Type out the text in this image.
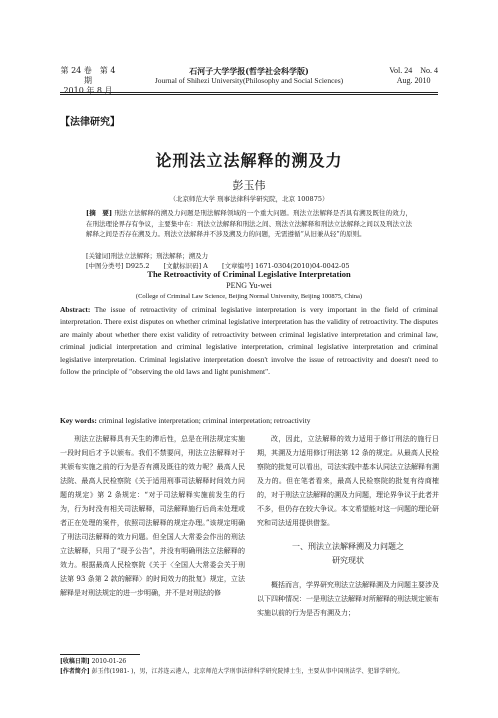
第 24 卷　第 4 期
2010 年 8 月
石河子大学学报(哲学社会科学版)
Journal of Shihezi University(Philosophy and Social Sciences)
Vol. 24　No. 4
Aug. 2010
【法律研究】
论刑法立法解释的溯及力
彭玉伟
（北京师范大学 刑事法律科学研究院，北京 100875）
[摘　要] 刑法立法解释的溯及力问题是刑法解释领域的一个重大问题。刑法立法解释是否具有溯及既往的效力，在刑法理论界存有争议，主要集中在：刑法立法解释和刑法之间、刑法立法解释和刑法立法解释之间以及刑法立法解释之间是否存在溯及力。刑法立法解释并不涉及溯及力的问题，无需遵循“从旧兼从轻”的原则。
[关键词]刑法立法解释；刑法解释；溯及力
[中图分类号] D925.2 [文献标识码] A [文章编号] 1671-0304(2010)04-0042-05
The Retroactivity of Criminal Legislative Interpretation
PENG Yu-wei
(College of Criminal Law Science, Beijing Normal University, Beijing 100875, China)
Abstract: The issue of retroactivity of criminal legislative interpretation is very important in the field of criminal interpretation. There exist disputes on whether criminal legislative interpretation has the validity of retroactivity. The disputes are mainly about whether there exist validity of retroactivity between criminal legislative interpretation and criminal law, criminal judicial interpretation and criminal legislative interpretation, criminal legislative interpretation and criminal legislative interpretation. Criminal legislative interpretation doesn't involve the issue of retroactivity and doesn't need to follow the principle of "observing the old laws and light punishment".
Key words: criminal legislative interpretation; criminal interpretation; retroactivity

刑法立法解释具有天生的滞后性，总是在刑法规定实施一段时间后才予以颁布。我们不禁要问，刑法立法解释对于其颁布实施之前的行为是否有溯及既往的效力呢？最高人民法院、最高人民检察院《关于适用刑事司法解释时间效力问题的规定》第 2 条规定：“对于司法解释实施前发生的行为，行为时没有相关司法解释，司法解释施行后尚未处理或者正在处理的案件，依照司法解释的规定办理。”该规定明确了刑法司法解释的效力问题。但全国人大常委会作出的刑法立法解释，只用了“现予公告”，并没有明确刑法立法解释的效力。根据最高人民检察院《关于〈全国人大常委会关于刑法第 93 条第 2 款的解释〉的时间效力的批复》规定，立法解释是对刑法规定的进一步明确，并不是对刑法的修

改，因此，立法解释的效力适用于修订刑法的施行日期，其溯及力适用修订刑法第 12 条的规定。从最高人民检察院的批复可以看出，司法实践中基本认同法立法解释有溯及力的。但在笔者看来，最高人民检察院的批复有待商榷的，对于刑法立法解释的溯及力问题，理论界争议于此者并不多，但仍存在较大争议。本文希望能对这一问题的理论研究和司法适用提供借鉴。

一、刑法立法解释溯及力问题之
研究现状

概括而言，学界研究刑法立法解释溯及力问题主要涉及以下四种情况：一是刑法立法解释对所解释的刑法规定颁布实施以前的行为是否有溯及力；

[收稿日期] 2010-01-26
[作者简介] 彭玉伟(1981- )，男，江苏连云港人，北京师范大学刑事法律科学研究院博士生，主要从事中国刑法学、犯罪学研究。
